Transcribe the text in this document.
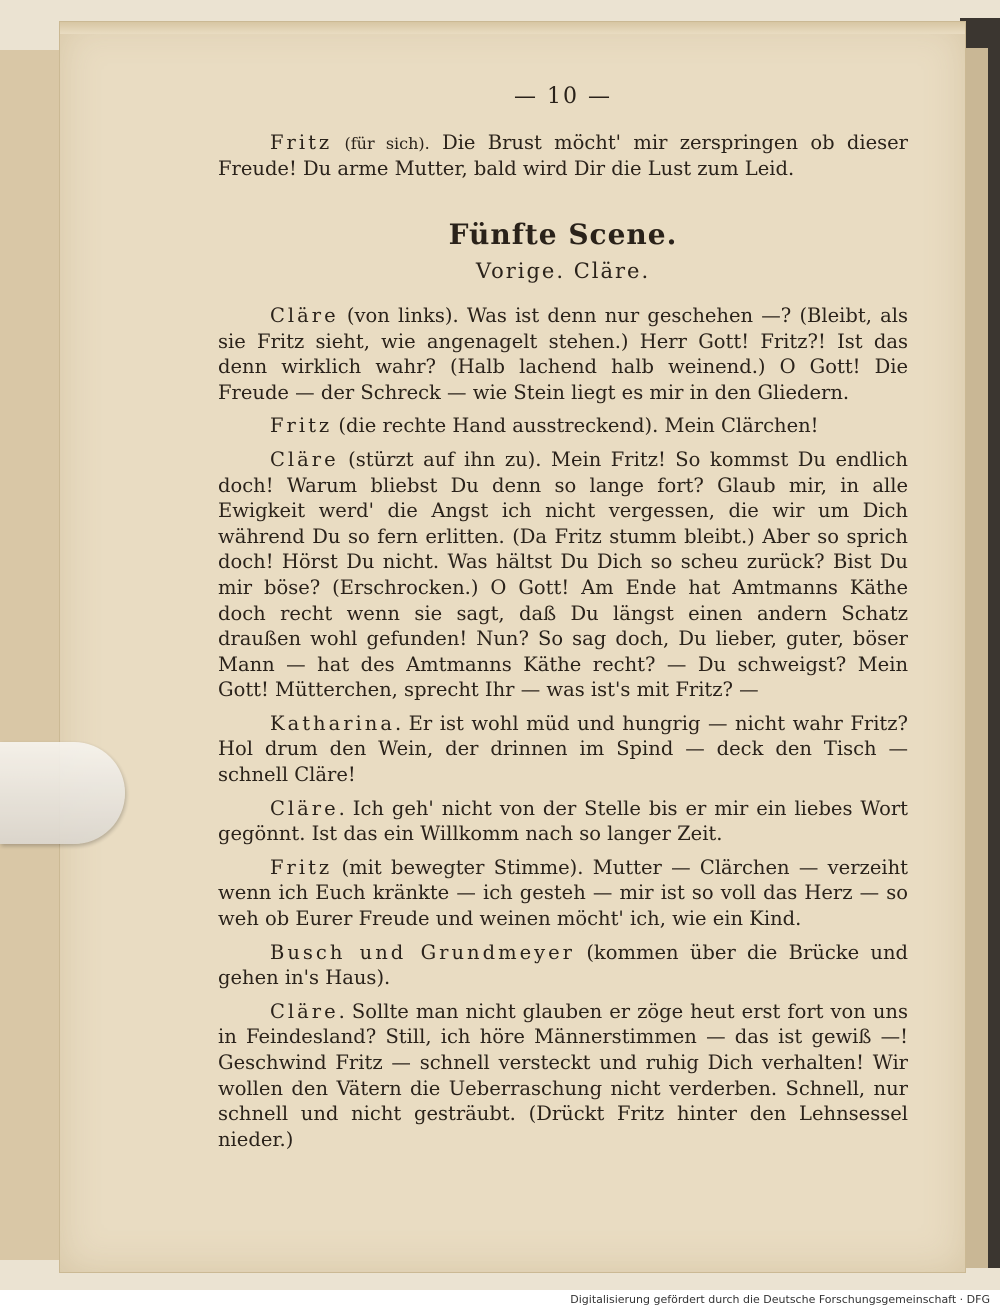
— 10 —

Fritz (für sich). Die Brust möcht' mir zerspringen ob dieser Freude! Du arme Mutter, bald wird Dir die Lust zum Leid.

Fünfte Scene.
Vorige. Cläre.

Cläre (von links). Was ist denn nur geschehen —? (Bleibt, als sie Fritz sieht, wie angenagelt stehen.) Herr Gott! Fritz?! Ist das denn wirklich wahr? (Halb lachend halb weinend.) O Gott! Die Freude — der Schreck — wie Stein liegt es mir in den Gliedern.

Fritz (die rechte Hand ausstreckend). Mein Clärchen!

Cläre (stürzt auf ihn zu). Mein Fritz! So kommst Du endlich doch! Warum bliebst Du denn so lange fort? Glaub mir, in alle Ewigkeit werd' die Angst ich nicht vergessen, die wir um Dich während Du so fern erlitten. (Da Fritz stumm bleibt.) Aber so sprich doch! Hörst Du nicht. Was hältst Du Dich so scheu zurück? Bist Du mir böse? (Erschrocken.) O Gott! Am Ende hat Amtmanns Käthe doch recht wenn sie sagt, daß Du längst einen andern Schatz draußen wohl gefunden! Nun? So sag doch, Du lieber, guter, böser Mann — hat des Amtmanns Käthe recht? — Du schweigst? Mein Gott! Mütterchen, sprecht Ihr — was ist's mit Fritz? —

Katharina. Er ist wohl müd und hungrig — nicht wahr Fritz? Hol drum den Wein, der drinnen im Spind — deck den Tisch — schnell Cläre!

Cläre. Ich geh' nicht von der Stelle bis er mir ein liebes Wort gegönnt. Ist das ein Willkomm nach so langer Zeit.

Fritz (mit bewegter Stimme). Mutter — Clärchen — verzeiht wenn ich Euch kränkte — ich gesteh — mir ist so voll das Herz — so weh ob Eurer Freude und weinen möcht' ich, wie ein Kind.

Busch und Grundmeyer (kommen über die Brücke und gehen in's Haus).

Cläre. Sollte man nicht glauben er zöge heut erst fort von uns in Feindesland? Still, ich höre Männerstimmen — das ist gewiß —! Geschwind Fritz — schnell versteckt und ruhig Dich verhalten! Wir wollen den Vätern die Ueberraschung nicht verderben. Schnell, nur schnell und nicht gesträubt. (Drückt Fritz hinter den Lehnsessel nieder.)

Digitalisierung gefördert durch die Deutsche Forschungsgemeinschaft · DFG
